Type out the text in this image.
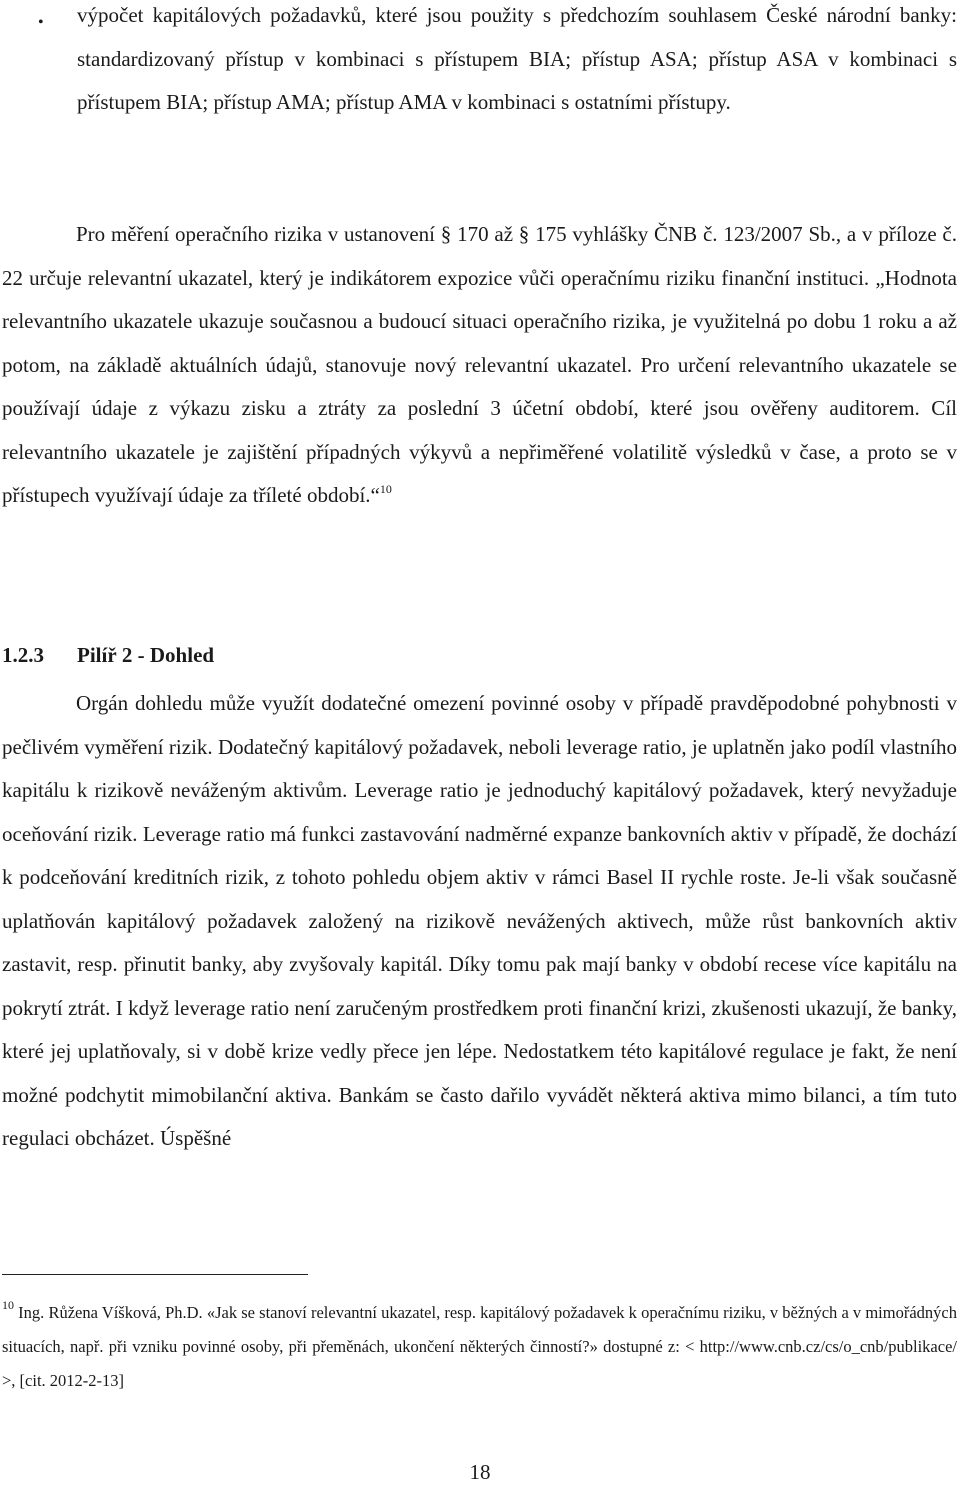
• výpočet kapitálových požadavků, které jsou použity s předchozím souhlasem České národní banky: standardizovaný přístup v kombinaci s přístupem BIA; přístup ASA; přístup ASA v kombinaci s přístupem BIA; přístup AMA; přístup AMA v kombinaci s ostatními přístupy.

Pro měření operačního rizika v ustanovení § 170 až § 175 vyhlášky ČNB č. 123/2007 Sb., a v příloze č. 22 určuje relevantní ukazatel, který je indikátorem expozice vůči operačnímu riziku finanční instituci. „Hodnota relevantního ukazatele ukazuje současnou a budoucí situaci operačního rizika, je využitelná po dobu 1 roku a až potom, na základě aktuálních údajů, stanovuje nový relevantní ukazatel. Pro určení relevantního ukazatele se používají údaje z výkazu zisku a ztráty za poslední 3 účetní období, které jsou ověřeny auditorem. Cíl relevantního ukazatele je zajištění případných výkyvů a nepřiměřené volatilitě výsledků v čase, a proto se v přístupech využívají údaje za tříleté období.“$^{10}$

1.2.3 Pilíř 2 - Dohled

Orgán dohledu může využít dodatečné omezení povinné osoby v případě pravděpodobné pohybnosti v pečlivém vyměření rizik. Dodatečný kapitálový požadavek, neboli leverage ratio, je uplatněn jako podíl vlastního kapitálu k rizikově neváženým aktivům. Leverage ratio je jednoduchý kapitálový požadavek, který nevyžaduje oceňování rizik. Leverage ratio má funkci zastavování nadměrné expanze bankovních aktiv v případě, že dochází k podceňování kreditních rizik, z tohoto pohledu objem aktiv v rámci Basel II rychle roste. Je-li však současně uplatňován kapitálový požadavek založený na rizikově nevážených aktivech, může růst bankovních aktiv zastavit, resp. přinutit banky, aby zvyšovaly kapitál. Díky tomu pak mají banky v období recese více kapitálu na pokrytí ztrát. I když leverage ratio není zaručeným prostředkem proti finanční krizi, zkušenosti ukazují, že banky, které jej uplatňovaly, si v době krize vedly přece jen lépe. Nedostatkem této kapitálové regulace je fakt, že není možné podchytit mimobilanční aktiva. Bankám se často dařilo vyvádět některá aktiva mimo bilanci, a tím tuto regulaci obcházet. Úspěšné

$^{10}$ Ing. Růžena Víšková, Ph.D. «Jak se stanoví relevantní ukazatel, resp. kapitálový požadavek k operačnímu riziku, v běžných a v mimořádných situacích, např. při vzniku povinné osoby, při přeměnách, ukončení některých činností?» dostupné z: < http://www.cnb.cz/cs/o_cnb/publikace/ >, [cit. 2012-2-13]

18
